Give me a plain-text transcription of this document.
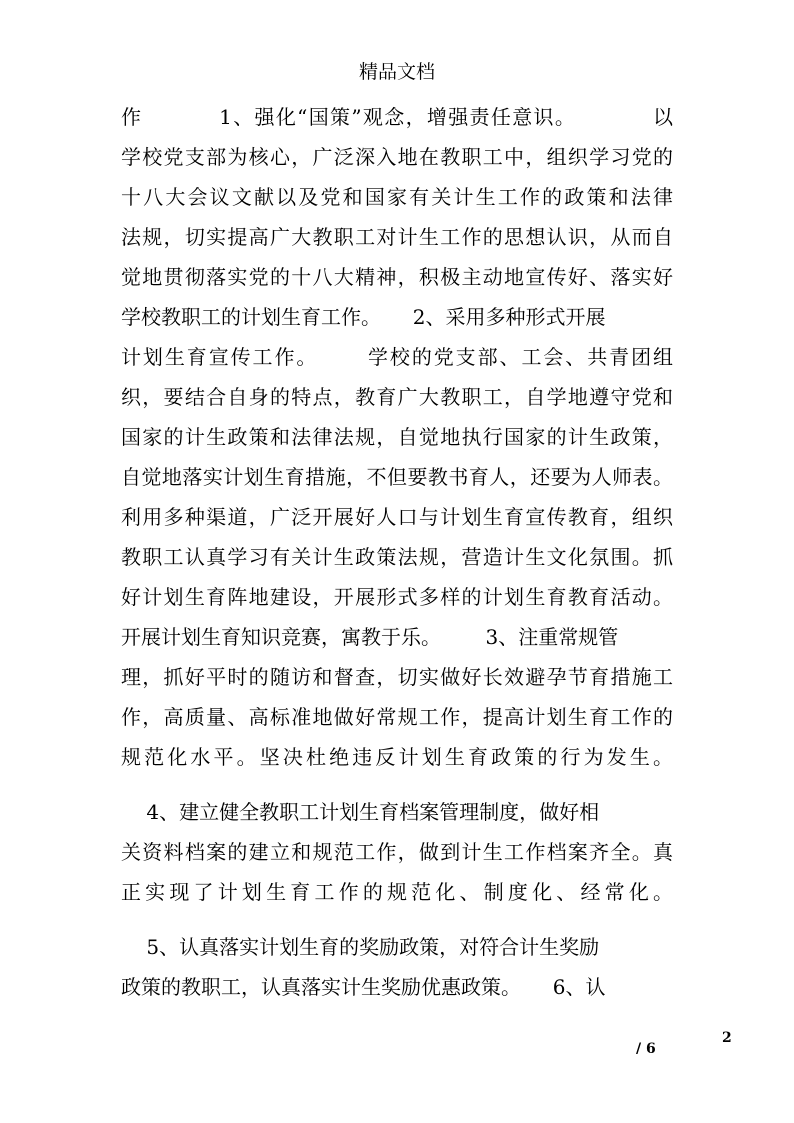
精品文档
作          1、强化“国策”观念，增强责任意识。          以
学校党支部为核心，广泛深入地在教职工中，组织学习党的
十八大会议文献以及党和国家有关计生工作的政策和法律
法规，切实提高广大教职工对计生工作的思想认识，从而自
觉地贯彻落实党的十八大精神，积极主动地宣传好、落实好
学校教职工的计划生育工作。     2、采用多种形式开展
计划生育宣传工作。      学校的党支部、工会、共青团组
织，要结合自身的特点，教育广大教职工，自学地遵守党和
国家的计生政策和法律法规，自觉地执行国家的计生政策，
自觉地落实计划生育措施，不但要教书育人，还要为人师表。
利用多种渠道，广泛开展好人口与计划生育宣传教育，组织
教职工认真学习有关计生政策法规，营造计生文化氛围。抓
好计划生育阵地建设，开展形式多样的计划生育教育活动。
开展计划生育知识竞赛，寓教于乐。       3、注重常规管
理，抓好平时的随访和督查，切实做好长效避孕节育措施工
作，高质量、高标准地做好常规工作，提高计划生育工作的
规范化水平。坚决杜绝违反计划生育政策的行为发生。
4、建立健全教职工计划生育档案管理制度，做好相
关资料档案的建立和规范工作，做到计生工作档案齐全。真
正实现了计划生育工作的规范化、制度化、经常化。
5、认真落实计划生育的奖励政策，对符合计生奖励
政策的教职工，认真落实计生奖励优惠政策。     6、认
2
/ 6
